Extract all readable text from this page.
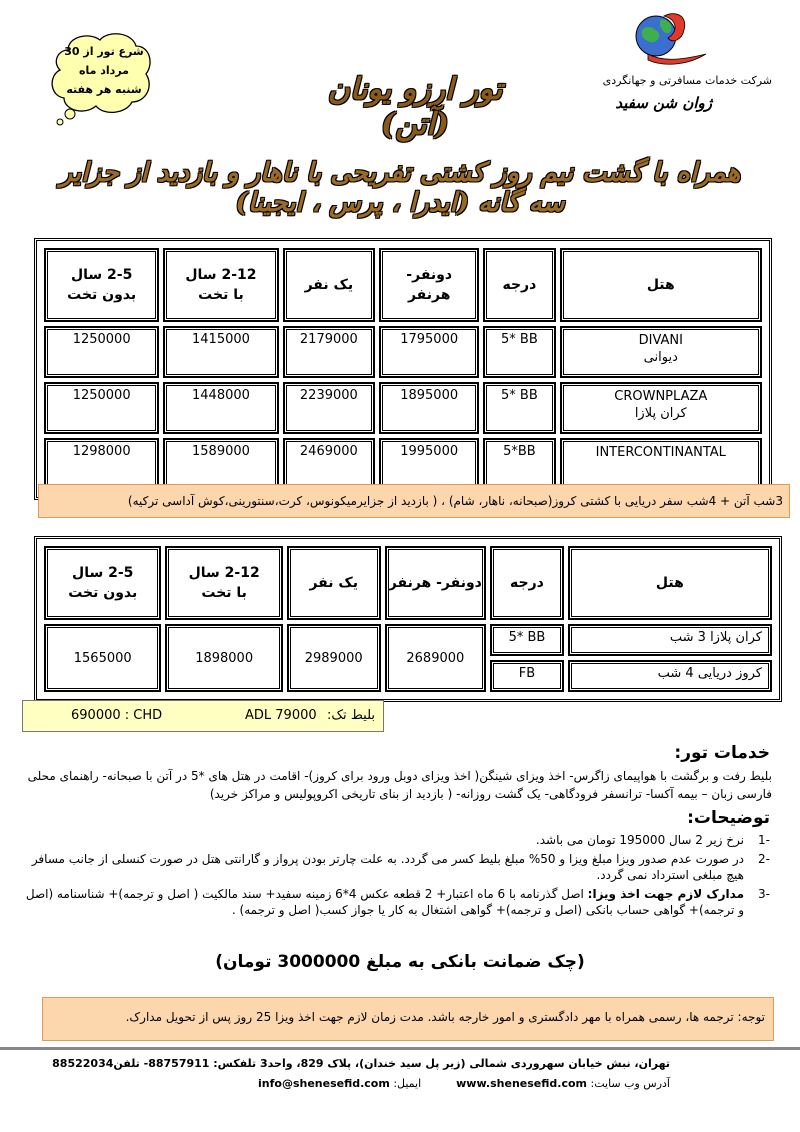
شرع تور از 30
مرداد ماه
شنبه هر هفته
شرکت خدمات مسافرتی و جهانگردی
ژوان شن سفید
تور ارزو یونان (آتن)
همراه با گشت نیم روز کشتی تفریحی با ناهار و بازدید از جزایر سه گانه (ایدرا ، پرس ، ایجینا)
هتل	درجه	دونفر- هرنفر	یک نفر	2-12 سال
با تخت	2-5 سال
بدون تخت

DIVANI
دیوانی	5* BB	1795000	2179000	1415000	1250000

CROWNPLAZA
کران پلازا	5* BB	1895000	2239000	1448000	1250000

INTERCONTINANTAL	5*BB	1995000	2469000	1589000	1298000
3شب آتن + 4شب سفر دریایی با کشتی کروز(صبحانه، ناهار، شام) ، ( بازدید از جزایرمیکونوس، کرت،سنتورینی،کوش آداسی ترکیه)
هتل	درجه	دونفر- هرنفر	یک نفر	2-12 سال
با تخت	2-5 سال
بدون تخت
کران پلازا 3 شب	5* BB	2689000	2989000	1898000	1565000
کروز دریایی 4 شب	FB				
بلیط تک:
ADL 79000
690000 : CHD
خدمات تور:
بلیط رفت و برگشت با هواپیمای زاگرس- اخذ ویزای شینگن( اخذ ویزای دوبل ورود برای کروز)- اقامت در هتل های *5 در آتن با صبحانه- راهنمای محلی فارسی زبان – بیمه آکسا- ترانسفر فرودگاهی- یک گشت روزانه- ( بازدید از بنای تاریخی اکروپولیس و مراکز خرید)
توضیحات:
-1
نرخ زیر 2 سال 195000 تومان می باشد.
-2
در صورت عدم صدور ویزا مبلغ ویزا و 50% مبلغ بلیط کسر می گردد. به علت چارتر بودن پرواز و گارانتی هتل در صورت کنسلی از جانب مسافر هیچ مبلغی استرداد نمی گردد.
-3
مدارک لازم جهت اخذ ویزا: اصل گذرنامه با 6 ماه اعتبار+ 2 قطعه عکس 4*6 زمینه سفید+ سند مالکیت ( اصل و ترجمه)+ شناسنامه (اصل و ترجمه)+ گواهی حساب بانکی (اصل و ترجمه)+ گواهی اشتغال به کار یا جواز کسب( اصل و ترجمه) .
(چک ضمانت بانکی به مبلغ 3000000 تومان)
توجه: ترجمه ها، رسمی همراه با مهر دادگستری و امور خارجه باشد. مدت زمان لازم جهت اخذ ویزا 25 روز پس از تحویل مدارک.
تهران، نبش خیابان سهروردی شمالی (زیر پل سید خندان)، پلاک 829، واحد3 تلفکس: 88757911- تلفن88522034
آدرس وب سایت: www.shenesefid.com          ایمیل: info@shenesefid.com
